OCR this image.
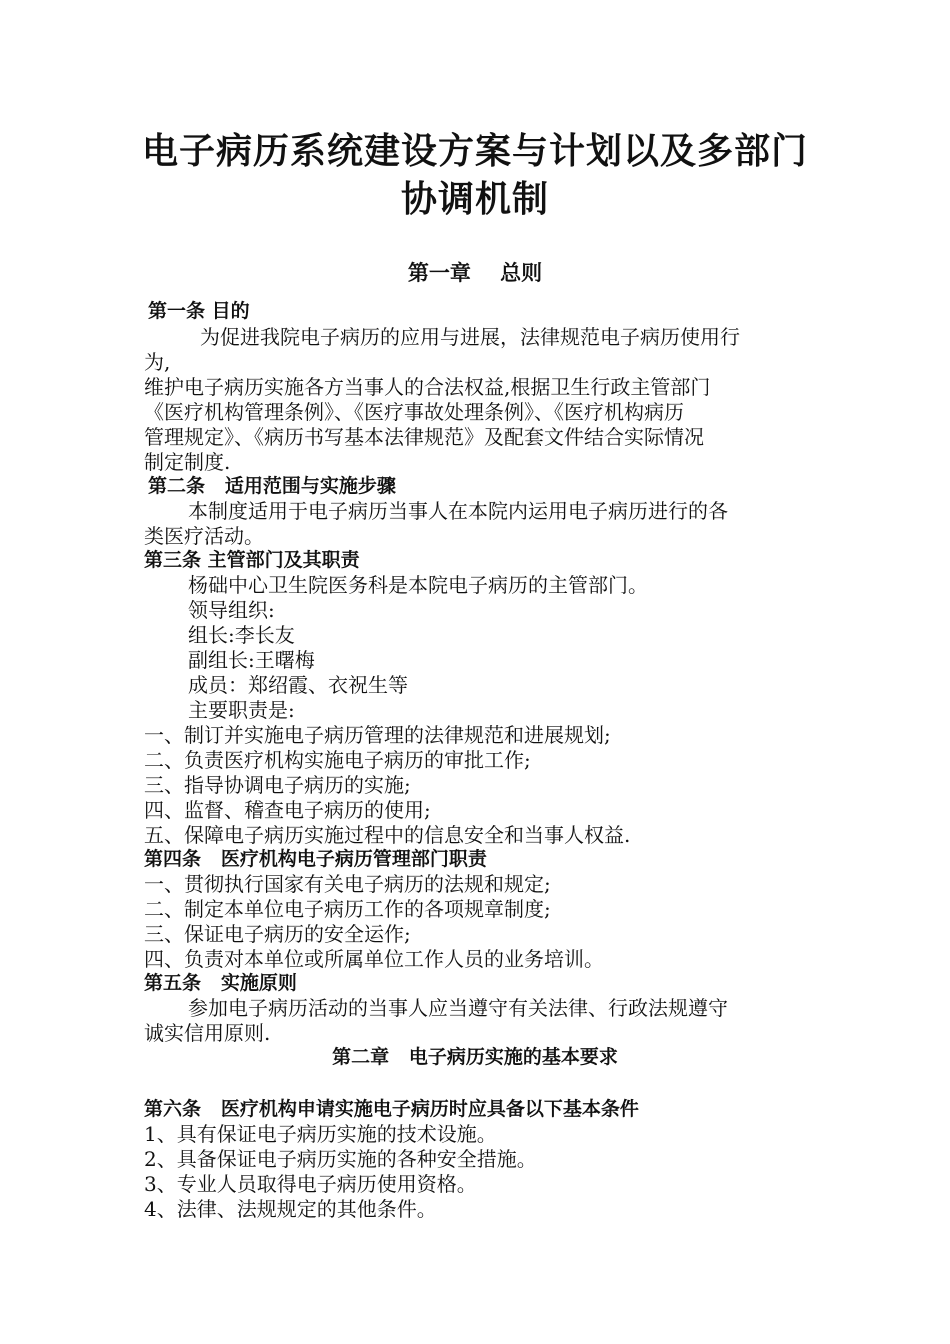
电子病历系统建设方案与计划以及多部门
协调机制
第一章    总则
第一条 目的
为促进我院电子病历的应用与进展，法律规范电子病历使用行
为,
维护电子病历实施各方当事人的合法权益,根据卫生行政主管部门
《医疗机构管理条例》、《医疗事故处理条例》、《医疗机构病历
管理规定》、《病历书写基本法律规范》及配套文件结合实际情况
制定制度.
第二条   适用范围与实施步骤
本制度适用于电子病历当事人在本院内运用电子病历进行的各
类医疗活动。
第三条 主管部门及其职责
杨础中心卫生院医务科是本院电子病历的主管部门。
领导组织:
组长:李长友
副组长:王曙梅
成员：郑绍霞、衣祝生等
主要职责是:
一、制订并实施电子病历管理的法律规范和进展规划;
二、负责医疗机构实施电子病历的审批工作;
三、指导协调电子病历的实施;
四、监督、稽查电子病历的使用;
五、保障电子病历实施过程中的信息安全和当事人权益.
第四条   医疗机构电子病历管理部门职责
一、贯彻执行国家有关电子病历的法规和规定;
二、制定本单位电子病历工作的各项规章制度;
三、保证电子病历的安全运作;
四、负责对本单位或所属单位工作人员的业务培训。
第五条   实施原则
参加电子病历活动的当事人应当遵守有关法律、行政法规遵守
诚实信用原则.
第二章   电子病历实施的基本要求
第六条   医疗机构申请实施电子病历时应具备以下基本条件
1、具有保证电子病历实施的技术设施。
2、具备保证电子病历实施的各种安全措施。
3、专业人员取得电子病历使用资格。
4、法律、法规规定的其他条件。
